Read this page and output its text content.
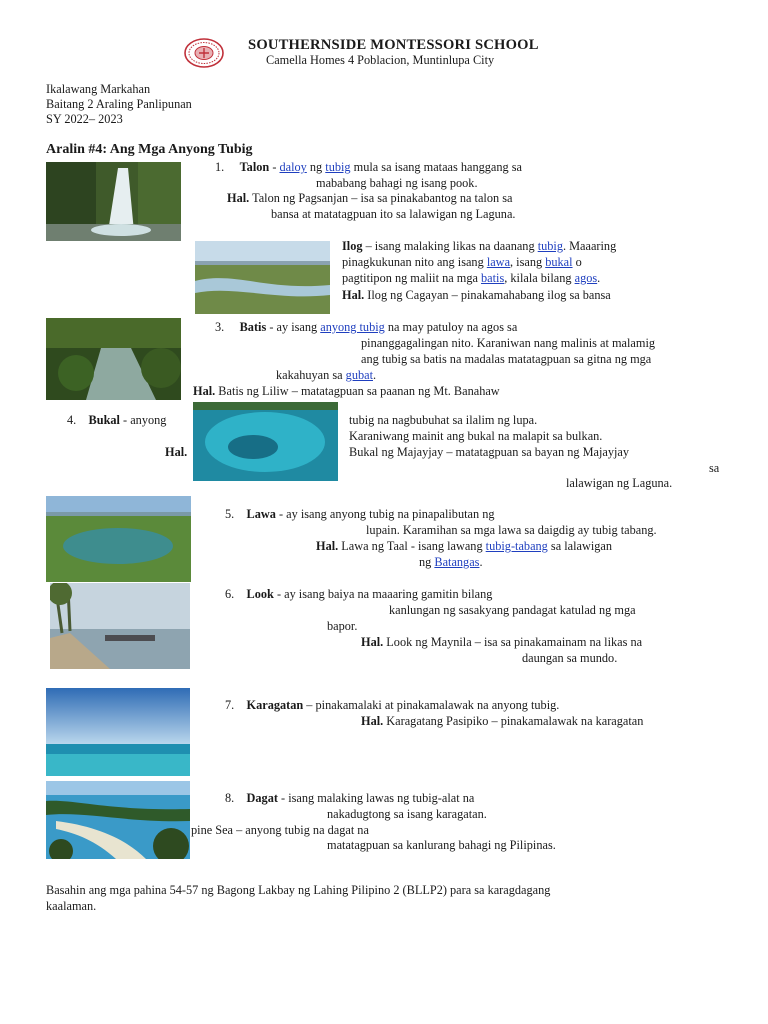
SOUTHERNSIDE MONTESSORI SCHOOL
Camella Homes 4 Poblacion, Muntinlupa City
Ikalawang Markahan
Baitang 2 Araling Panlipunan
SY 2022– 2023
Aralin #4: Ang Mga Anyong Tubig
1. Talon - daloy ng tubig mula sa isang mataas hanggang sa
mababang bahagi ng isang pook.
Hal. Talon ng Pagsanjan – isa sa pinakabantog na talon sa
bansa at matatagpuan ito sa lalawigan ng Laguna.
Ilog – isang malaking likas na daanang tubig. Maaaring
pinagkukunan nito ang isang lawa, isang bukal o
pagtitipon ng maliit na mga batis, kilala bilang agos.
Hal. Ilog ng Cagayan – pinakamahabang ilog sa bansa
3. Batis - ay isang anyong tubig na may patuloy na agos sa
pinanggagalingan nito. Karaniwan nang malinis at malamig
ang tubig sa batis na madalas matatagpuan sa gitna ng mga
kakahuyan sa gubat.
Hal. Batis ng Liliw – matatagpuan sa paanan ng Mt. Banahaw
4. Bukal - anyong	tubig na nagbubuhat sa ilalim ng lupa.
Karaniwang mainit ang bukal na malapit sa bulkan.
Hal.	Bukal ng Majayjay – matatagpuan sa bayan ng Majayjay
sa
lalawigan ng Laguna.
5. Lawa - ay isang anyong tubig na pinapalibutan ng
lupain. Karamihan sa mga lawa sa daigdig ay tubig tabang.
Hal. Lawa ng Taal - isang lawang tubig-tabang sa lalawigan
ng Batangas.
6. Look - ay isang baiya na maaaring gamitin bilang
kanlungan ng sasakyang pandagat katulad ng mga
bapor.
Hal. Look ng Maynila – isa sa pinakamainam na likas na
daungan sa mundo.
7. Karagatan – pinakamalaki at pinakamalawak na anyong tubig.
Hal. Karagatang Pasipiko – pinakamalawak na karagatan
8. Dagat - isang malaking lawas ng tubig-alat na
nakadugtong sa isang karagatan.
pine Sea – anyong tubig na dagat na
matatagpuan sa kanlurang bahagi ng Pilipinas.
Basahin ang mga pahina 54-57 ng Bagong Lakbay ng Lahing Pilipino 2 (BLLP2) para sa karagdagang
kaalaman.
